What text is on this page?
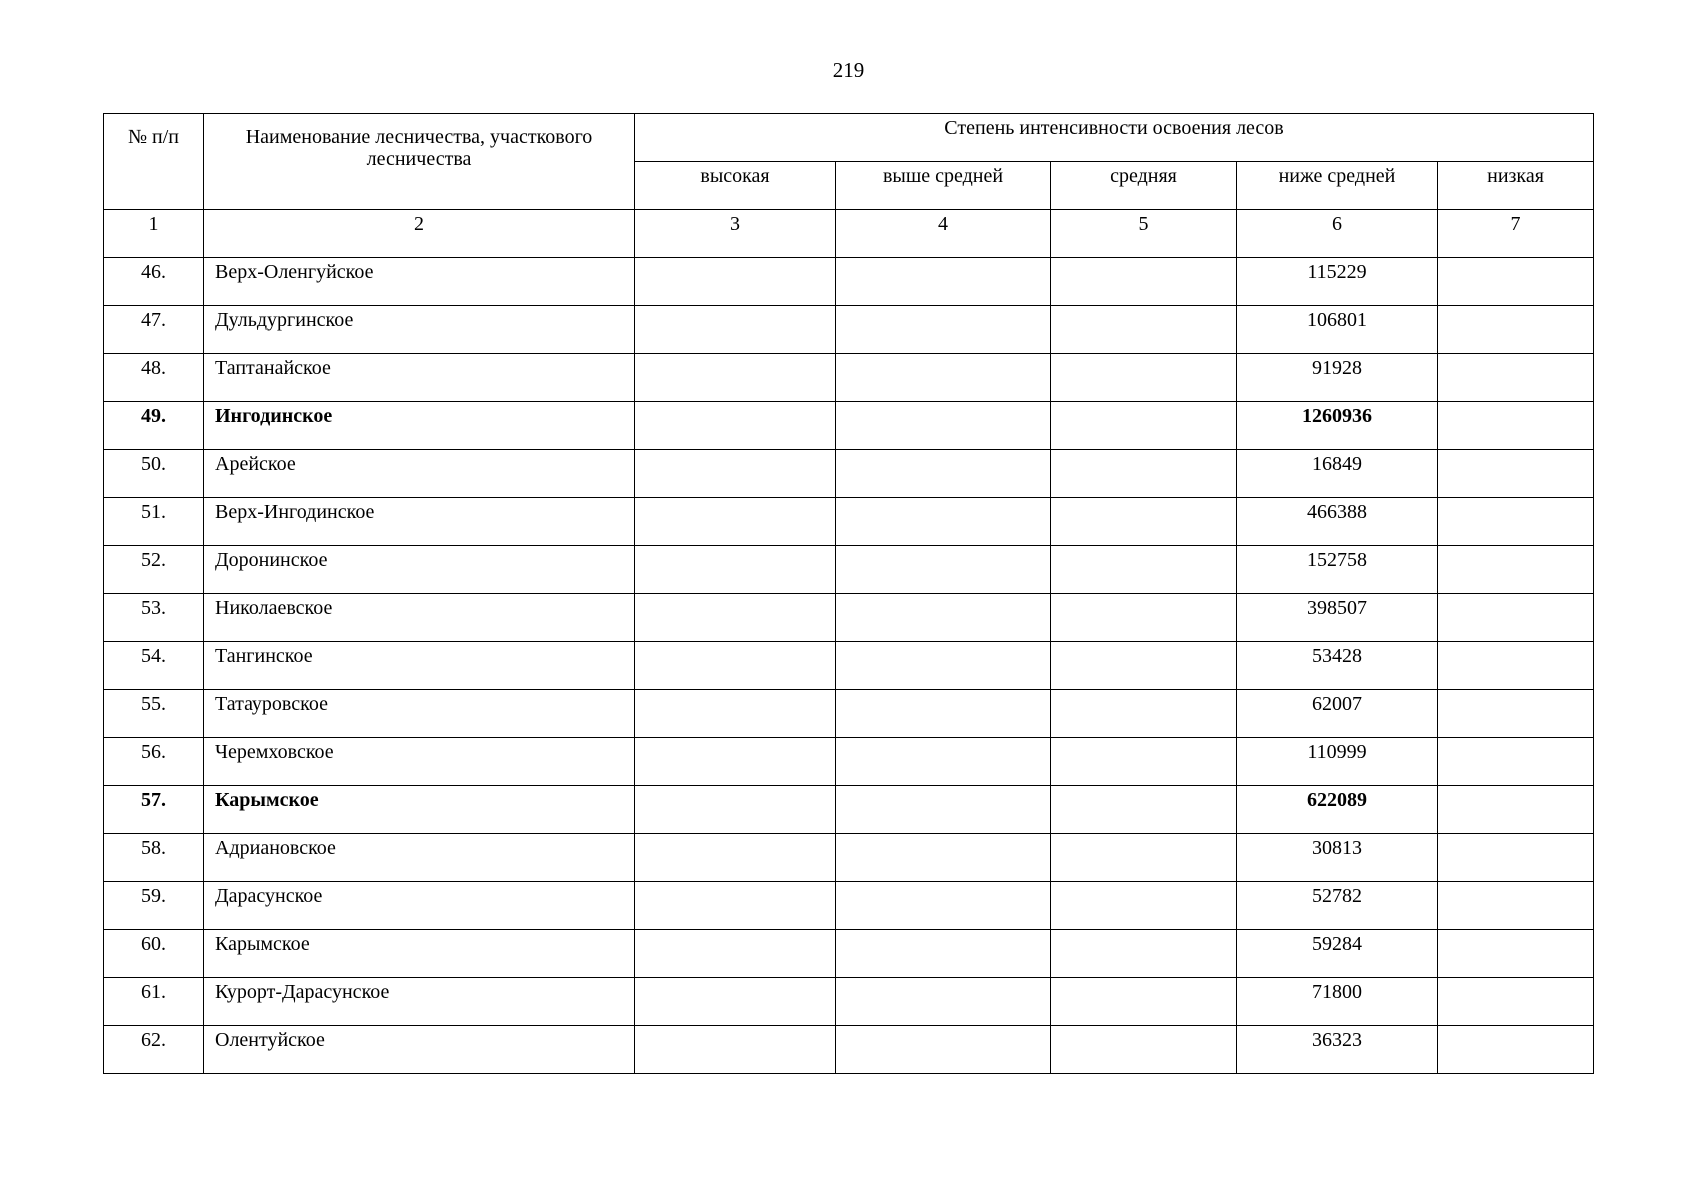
219
№ п/п	Наименование лесничества, участкового лесничества	Степень интенсивности освоения лесов				
		высокая	выше средней	средняя	ниже средней	низкая
1	2	3	4	5	6	7
46.	Верх-Оленгуйское				115229	
47.	Дульдургинское				106801	
48.	Таптанайское				91928	
49.	Ингодинское				1260936	
50.	Арейское				16849	
51.	Верх-Ингодинское				466388	
52.	Доронинское				152758	
53.	Николаевское				398507	
54.	Тангинское				53428	
55.	Татауровское				62007	
56.	Черемховское				110999	
57.	Карымское				622089	
58.	Адриановское				30813	
59.	Дарасунское				52782	
60.	Карымское				59284	
61.	Курорт-Дарасунское				71800	
62.	Олентуйское				36323	
